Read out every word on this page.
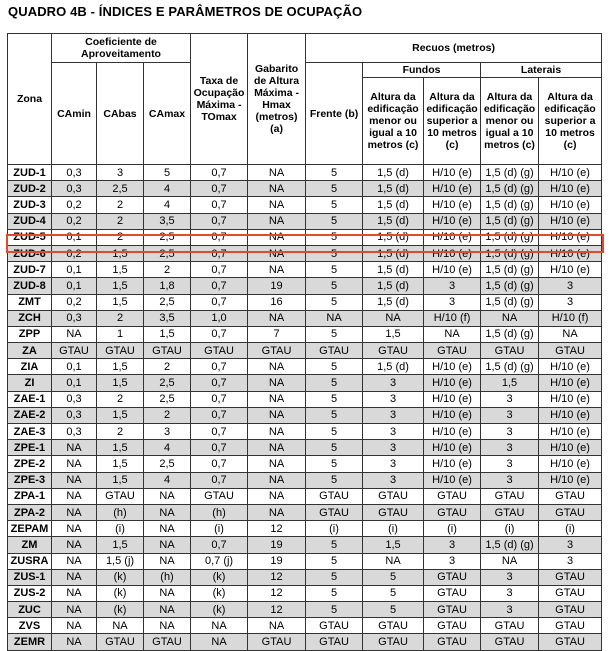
QUADRO 4B - ÍNDICES E PARÂMETROS DE OCUPAÇÃO
Zona	Coeficiente de Aproveitamento			Taxa de Ocupação Máxima - TOmax	Gabarito de Altura Máxima - Hmax (metros) (a)	Recuos (metros)				
	CAmin	CAbas	CAmax			Frente (b)	Fundos		Laterais	
							Altura da edificação menor ou igual a 10 metros (c)	Altura da edificação superior a 10 metros (c)	Altura da edificação menor ou igual a 10 metros (c)	Altura da edificação superior a 10 metros (c)
ZUD-1	0,3	3	5	0,7	NA	5	1,5 (d)	H/10 (e)	1,5 (d) (g)	H/10 (e)
ZUD-2	0,3	2,5	4	0,7	NA	5	1,5 (d)	H/10 (e)	1,5 (d) (g)	H/10 (e)
ZUD-3	0,2	2	4	0,7	NA	5	1,5 (d)	H/10 (e)	1,5 (d) (g)	H/10 (e)
ZUD-4	0,2	2	3,5	0,7	NA	5	1,5 (d)	H/10 (e)	1,5 (d) (g)	H/10 (e)
ZUD-5	0,1	2	2,5	0,7	NA	5	1,5 (d)	H/10 (e)	1,5 (d) (g)	H/10 (e)
ZUD-6	0,2	1,5	2,5	0,7	NA	5	1,5 (d)	H/10 (e)	1,5 (d) (g)	H/10 (e)
ZUD-7	0,1	1,5	2	0,7	NA	5	1,5 (d)	H/10 (e)	1,5 (d) (g)	H/10 (e)
ZUD-8	0,1	1,5	1,8	0,7	19	5	1,5 (d)	3	1,5 (d) (g)	3
ZMT	0,2	1,5	2,5	0,7	16	5	1,5 (d)	3	1,5 (d) (g)	3
ZCH	0,3	2	3,5	1,0	NA	NA	NA	H/10 (f)	NA	H/10 (f)
ZPP	NA	1	1,5	0,7	7	5	1,5	NA	1,5 (d) (g)	NA
ZA	GTAU	GTAU	GTAU	GTAU	GTAU	GTAU	GTAU	GTAU	GTAU	GTAU
ZIA	0,1	1,5	2	0,7	NA	5	1,5 (d)	H/10 (e)	1,5 (d) (g)	H/10 (e)
ZI	0,1	1,5	2,5	0,7	NA	5	3	H/10 (e)	1,5	H/10 (e)
ZAE-1	0,3	2	2,5	0,7	NA	5	3	H/10 (e)	3	H/10 (e)
ZAE-2	0,3	1,5	2	0,7	NA	5	3	H/10 (e)	3	H/10 (e)
ZAE-3	0,3	2	3	0,7	NA	5	3	H/10 (e)	3	H/10 (e)
ZPE-1	NA	1,5	4	0,7	NA	5	3	H/10 (e)	3	H/10 (e)
ZPE-2	NA	1,5	2,5	0,7	NA	5	3	H/10 (e)	3	H/10 (e)
ZPE-3	NA	1,5	4	0,7	NA	5	3	H/10 (e)	3	H/10 (e)
ZPA-1	NA	GTAU	NA	GTAU	NA	GTAU	GTAU	GTAU	GTAU	GTAU
ZPA-2	NA	(h)	NA	(h)	NA	GTAU	GTAU	GTAU	GTAU	GTAU
ZEPAM	NA	(i)	NA	(i)	12	(i)	(i)	(i)	(i)	(i)
ZM	NA	1,5	NA	0,7	19	5	1,5	3	1,5 (d) (g)	3
ZUSRA	NA	1,5 (j)	NA	0,7 (j)	19	5	NA	3	NA	3
ZUS-1	NA	(k)	(h)	(k)	12	5	5	GTAU	3	GTAU
ZUS-2	NA	(k)	NA	(k)	12	5	5	GTAU	3	GTAU
ZUC	NA	(k)	NA	(k)	12	5	5	GTAU	3	GTAU
ZVS	NA	NA	NA	NA	NA	GTAU	GTAU	GTAU	GTAU	GTAU
ZEMR	NA	GTAU	GTAU	NA	GTAU	GTAU	GTAU	GTAU	GTAU	GTAU
